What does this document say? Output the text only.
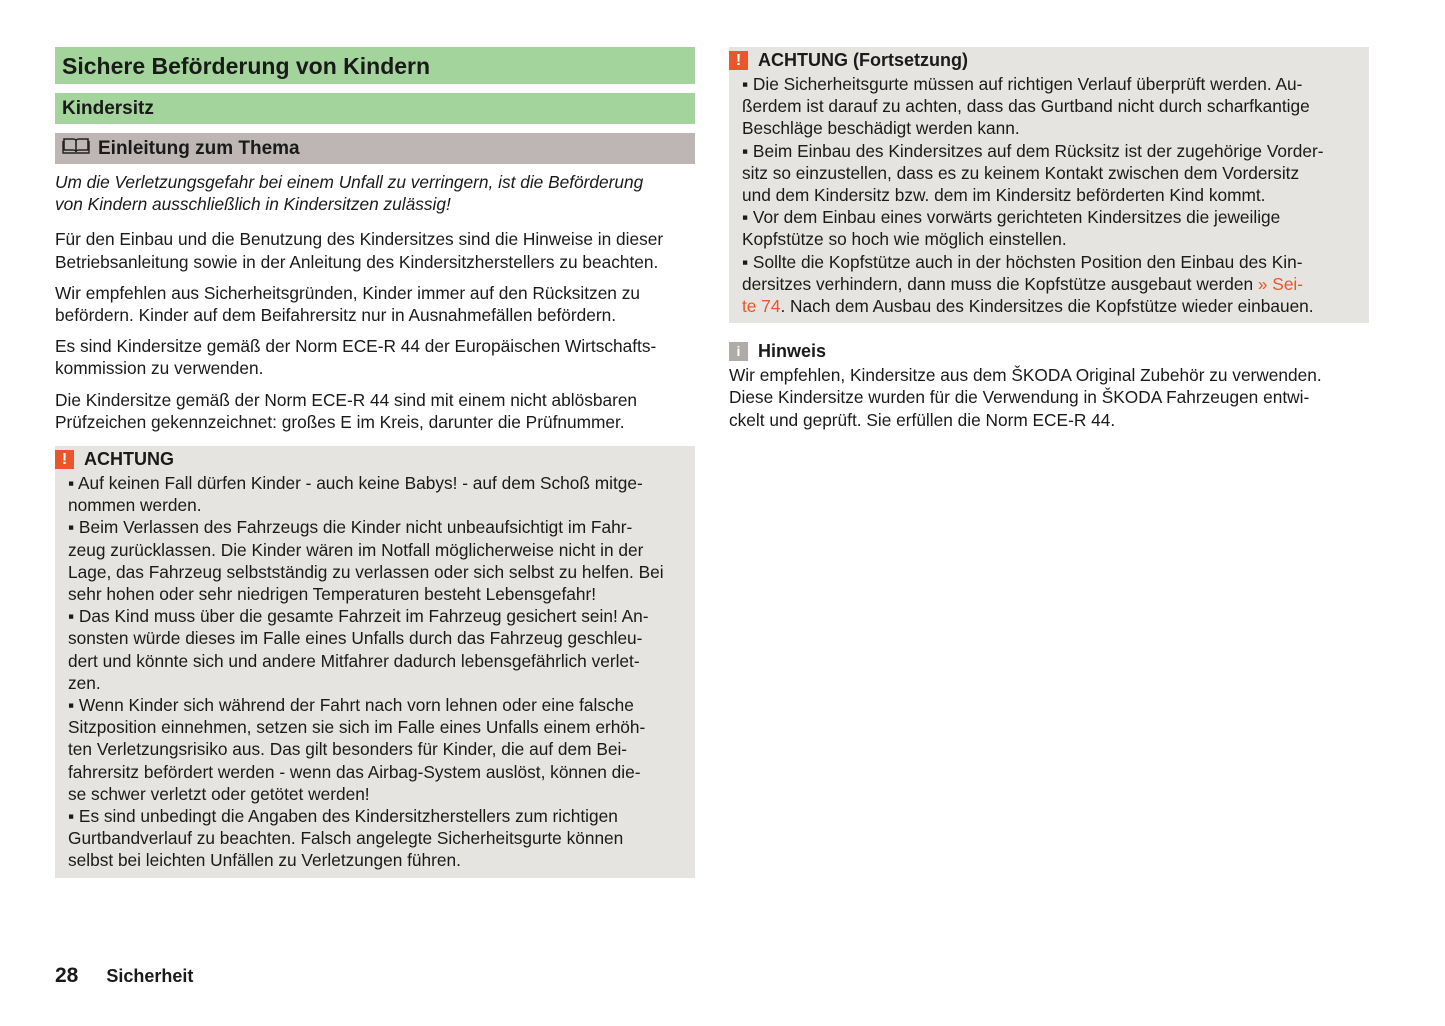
Sichere Beförderung von Kindern
Kindersitz
Einleitung zum Thema
Um die Verletzungsgefahr bei einem Unfall zu verringern, ist die Beförderung
von Kindern ausschließlich in Kindersitzen zulässig!
Für den Einbau und die Benutzung des Kindersitzes sind die Hinweise in dieser
Betriebsanleitung sowie in der Anleitung des Kindersitzherstellers zu beachten.
Wir empfehlen aus Sicherheitsgründen, Kinder immer auf den Rücksitzen zu
befördern. Kinder auf dem Beifahrersitz nur in Ausnahmefällen befördern.
Es sind Kindersitze gemäß der Norm ECE-R 44 der Europäischen Wirtschafts-
kommission zu verwenden.
Die Kindersitze gemäß der Norm ECE-R 44 sind mit einem nicht ablösbaren
Prüfzeichen gekennzeichnet: großes E im Kreis, darunter die Prüfnummer.
! ACHTUNG
▪ Auf keinen Fall dürfen Kinder - auch keine Babys! - auf dem Schoß mitge-
nommen werden.
▪ Beim Verlassen des Fahrzeugs die Kinder nicht unbeaufsichtigt im Fahr-
zeug zurücklassen. Die Kinder wären im Notfall möglicherweise nicht in der
Lage, das Fahrzeug selbstständig zu verlassen oder sich selbst zu helfen. Bei
sehr hohen oder sehr niedrigen Temperaturen besteht Lebensgefahr!
▪ Das Kind muss über die gesamte Fahrzeit im Fahrzeug gesichert sein! An-
sonsten würde dieses im Falle eines Unfalls durch das Fahrzeug geschleu-
dert und könnte sich und andere Mitfahrer dadurch lebensgefährlich verlet-
zen.
▪ Wenn Kinder sich während der Fahrt nach vorn lehnen oder eine falsche
Sitzposition einnehmen, setzen sie sich im Falle eines Unfalls einem erhöh-
ten Verletzungsrisiko aus. Das gilt besonders für Kinder, die auf dem Bei-
fahrersitz befördert werden - wenn das Airbag-System auslöst, können die-
se schwer verletzt oder getötet werden!
▪ Es sind unbedingt die Angaben des Kindersitzherstellers zum richtigen
Gurtbandverlauf zu beachten. Falsch angelegte Sicherheitsgurte können
selbst bei leichten Unfällen zu Verletzungen führen.
! ACHTUNG (Fortsetzung)
▪ Die Sicherheitsgurte müssen auf richtigen Verlauf überprüft werden. Au-
ßerdem ist darauf zu achten, dass das Gurtband nicht durch scharfkantige
Beschläge beschädigt werden kann.
▪ Beim Einbau des Kindersitzes auf dem Rücksitz ist der zugehörige Vorder-
sitz so einzustellen, dass es zu keinem Kontakt zwischen dem Vordersitz
und dem Kindersitz bzw. dem im Kindersitz beförderten Kind kommt.
▪ Vor dem Einbau eines vorwärts gerichteten Kindersitzes die jeweilige
Kopfstütze so hoch wie möglich einstellen.
▪ Sollte die Kopfstütze auch in der höchsten Position den Einbau des Kin-
dersitzes verhindern, dann muss die Kopfstütze ausgebaut werden » Sei-
te 74. Nach dem Ausbau des Kindersitzes die Kopfstütze wieder einbauen.
i Hinweis
Wir empfehlen, Kindersitze aus dem ŠKODA Original Zubehör zu verwenden.
Diese Kindersitze wurden für die Verwendung in ŠKODA Fahrzeugen entwi-
ckelt und geprüft. Sie erfüllen die Norm ECE-R 44.
28 Sicherheit
